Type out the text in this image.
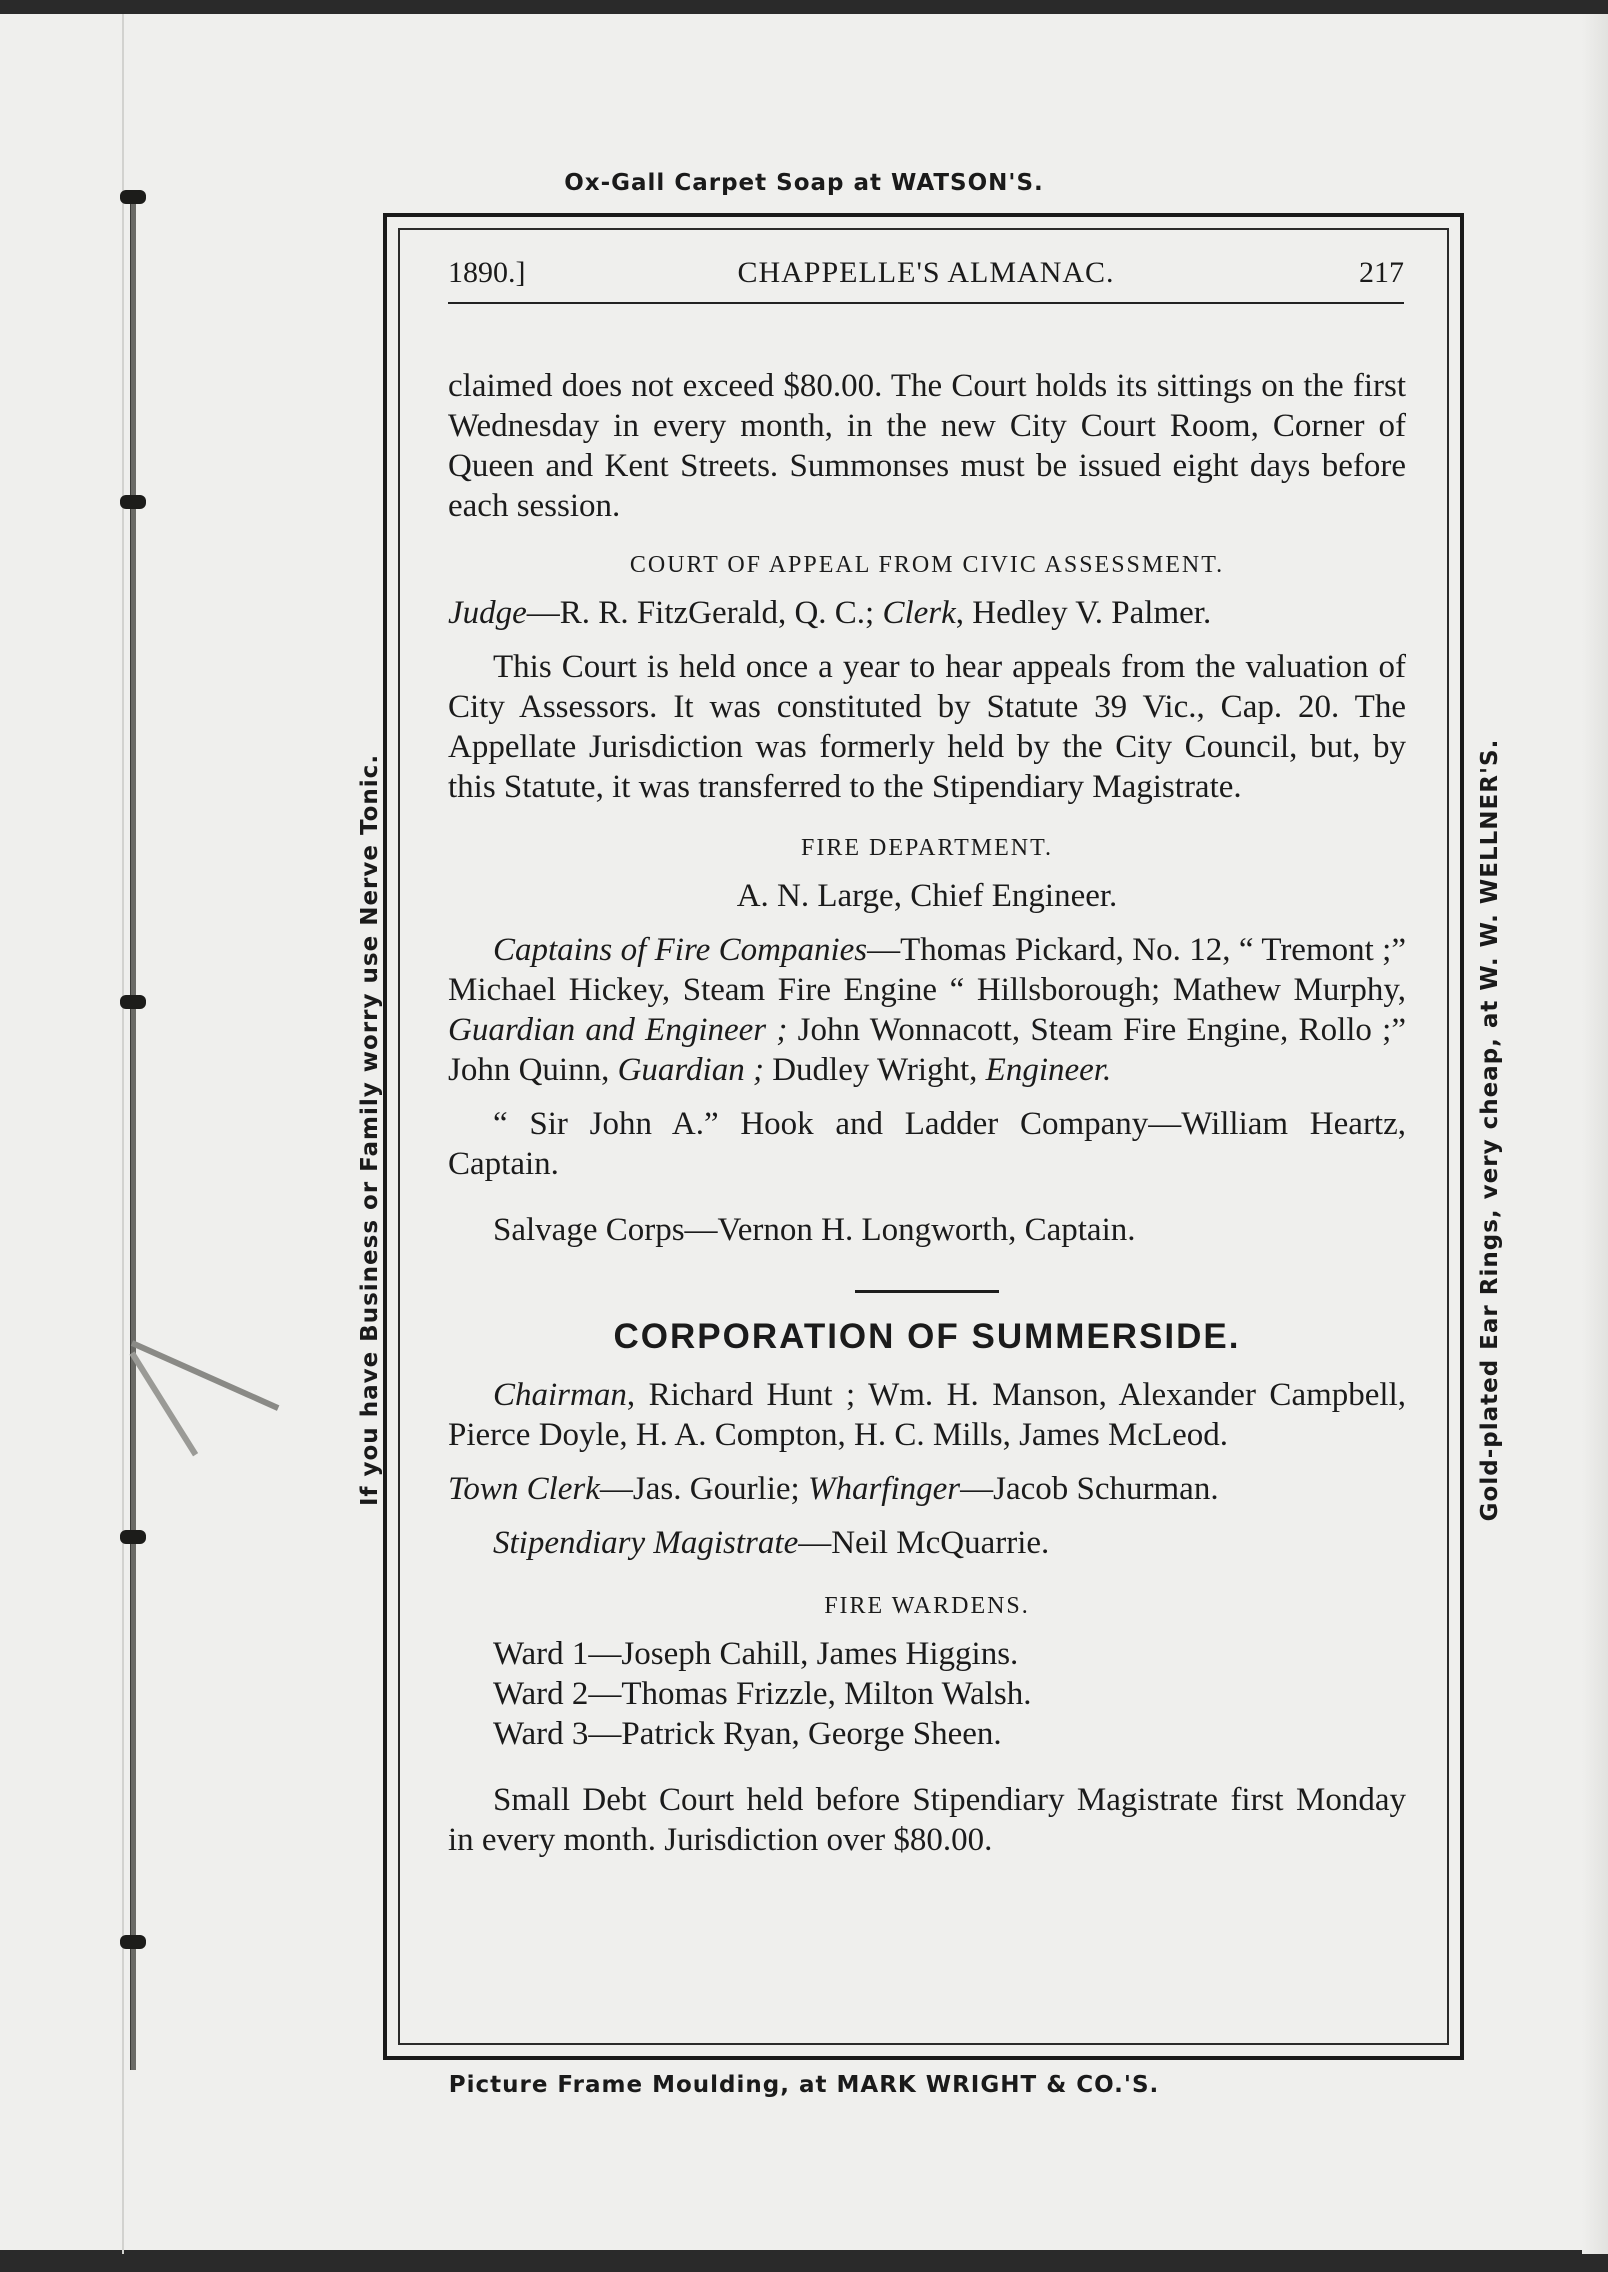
Ox-Gall Carpet Soap at WATSON'S.
If you have Business or Family worry use Nerve Tonic.	Gold-plated Ear Rings, very cheap, at W. W. WELLNER'S.
Picture Frame Moulding, at MARK WRIGHT & CO.'S.
1890.]	CHAPPELLE'S ALMANAC.	217

claimed does not exceed $80.00. The Court holds its sittings on the first Wednesday in every month, in the new City Court Room, Corner of Queen and Kent Streets. Summonses must be issued eight days before each session.

COURT OF APPEAL FROM CIVIC ASSESSMENT.

Judge—R. R. FitzGerald, Q. C.; Clerk, Hedley V. Palmer.

This Court is held once a year to hear appeals from the valuation of City Assessors. It was constituted by Statute 39 Vic., Cap. 20. The Appellate Jurisdiction was formerly held by the City Council, but, by this Statute, it was transferred to the Stipendiary Magistrate.

FIRE DEPARTMENT.

A. N. Large, Chief Engineer.

Captains of Fire Companies—Thomas Pickard, No. 12, “ Tremont ;” Michael Hickey, Steam Fire Engine “ Hillsborough; Mathew Murphy, Guardian and Engineer ; John Wonnacott, Steam Fire Engine, Rollo ;” John Quinn, Guardian ; Dudley Wright, Engineer.

“ Sir John A.” Hook and Ladder Company—William Heartz, Captain.

Salvage Corps—Vernon H. Longworth, Captain.

CORPORATION OF SUMMERSIDE.

Chairman, Richard Hunt ; Wm. H. Manson, Alexander Campbell, Pierce Doyle, H. A. Compton, H. C. Mills, James McLeod.

Town Clerk—Jas. Gourlie; Wharfinger—Jacob Schurman.

Stipendiary Magistrate—Neil McQuarrie.

FIRE WARDENS.

Ward 1—Joseph Cahill, James Higgins.

Ward 2—Thomas Frizzle, Milton Walsh.

Ward 3—Patrick Ryan, George Sheen.

Small Debt Court held before Stipendiary Magistrate first Monday in every month. Jurisdiction over $80.00.
